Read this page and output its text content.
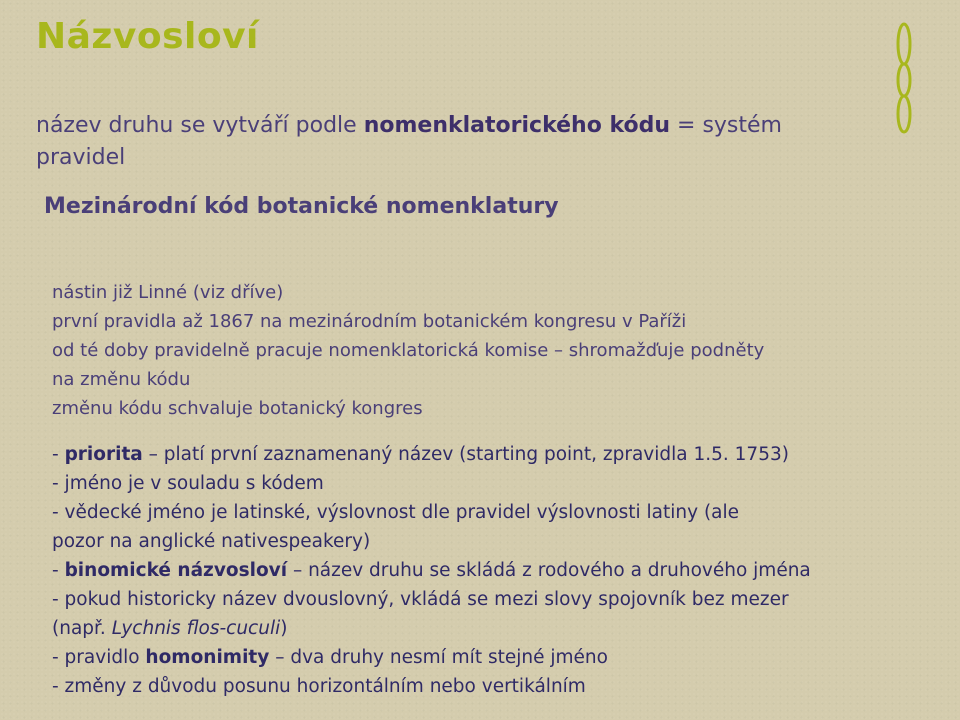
Názvosloví
název druhu se vytváří podle nomenklatorického kódu = systém
pravidel
Mezinárodní kód botanické nomenklatury
nástin již Linné (viz dříve)
první pravidla až 1867 na mezinárodním botanickém kongresu v Paříži
od té doby pravidelně pracuje nomenklatorická komise – shromažďuje podněty
na změnu kódu
změnu kódu schvaluje botanický kongres
- priorita – platí první zaznamenaný název (starting point, zpravidla 1.5. 1753)
- jméno je v souladu s kódem
- vědecké jméno je latinské, výslovnost dle pravidel výslovnosti latiny (ale
pozor na anglické nativespeakery)
- binomické názvosloví – název druhu se skládá z rodového a druhového jména
- pokud historicky název dvouslovný, vkládá se mezi slovy spojovník bez mezer
(např. Lychnis flos-cuculi)
- pravidlo homonimity – dva druhy nesmí mít stejné jméno
- změny z důvodu posunu horizontálním nebo vertikálním
